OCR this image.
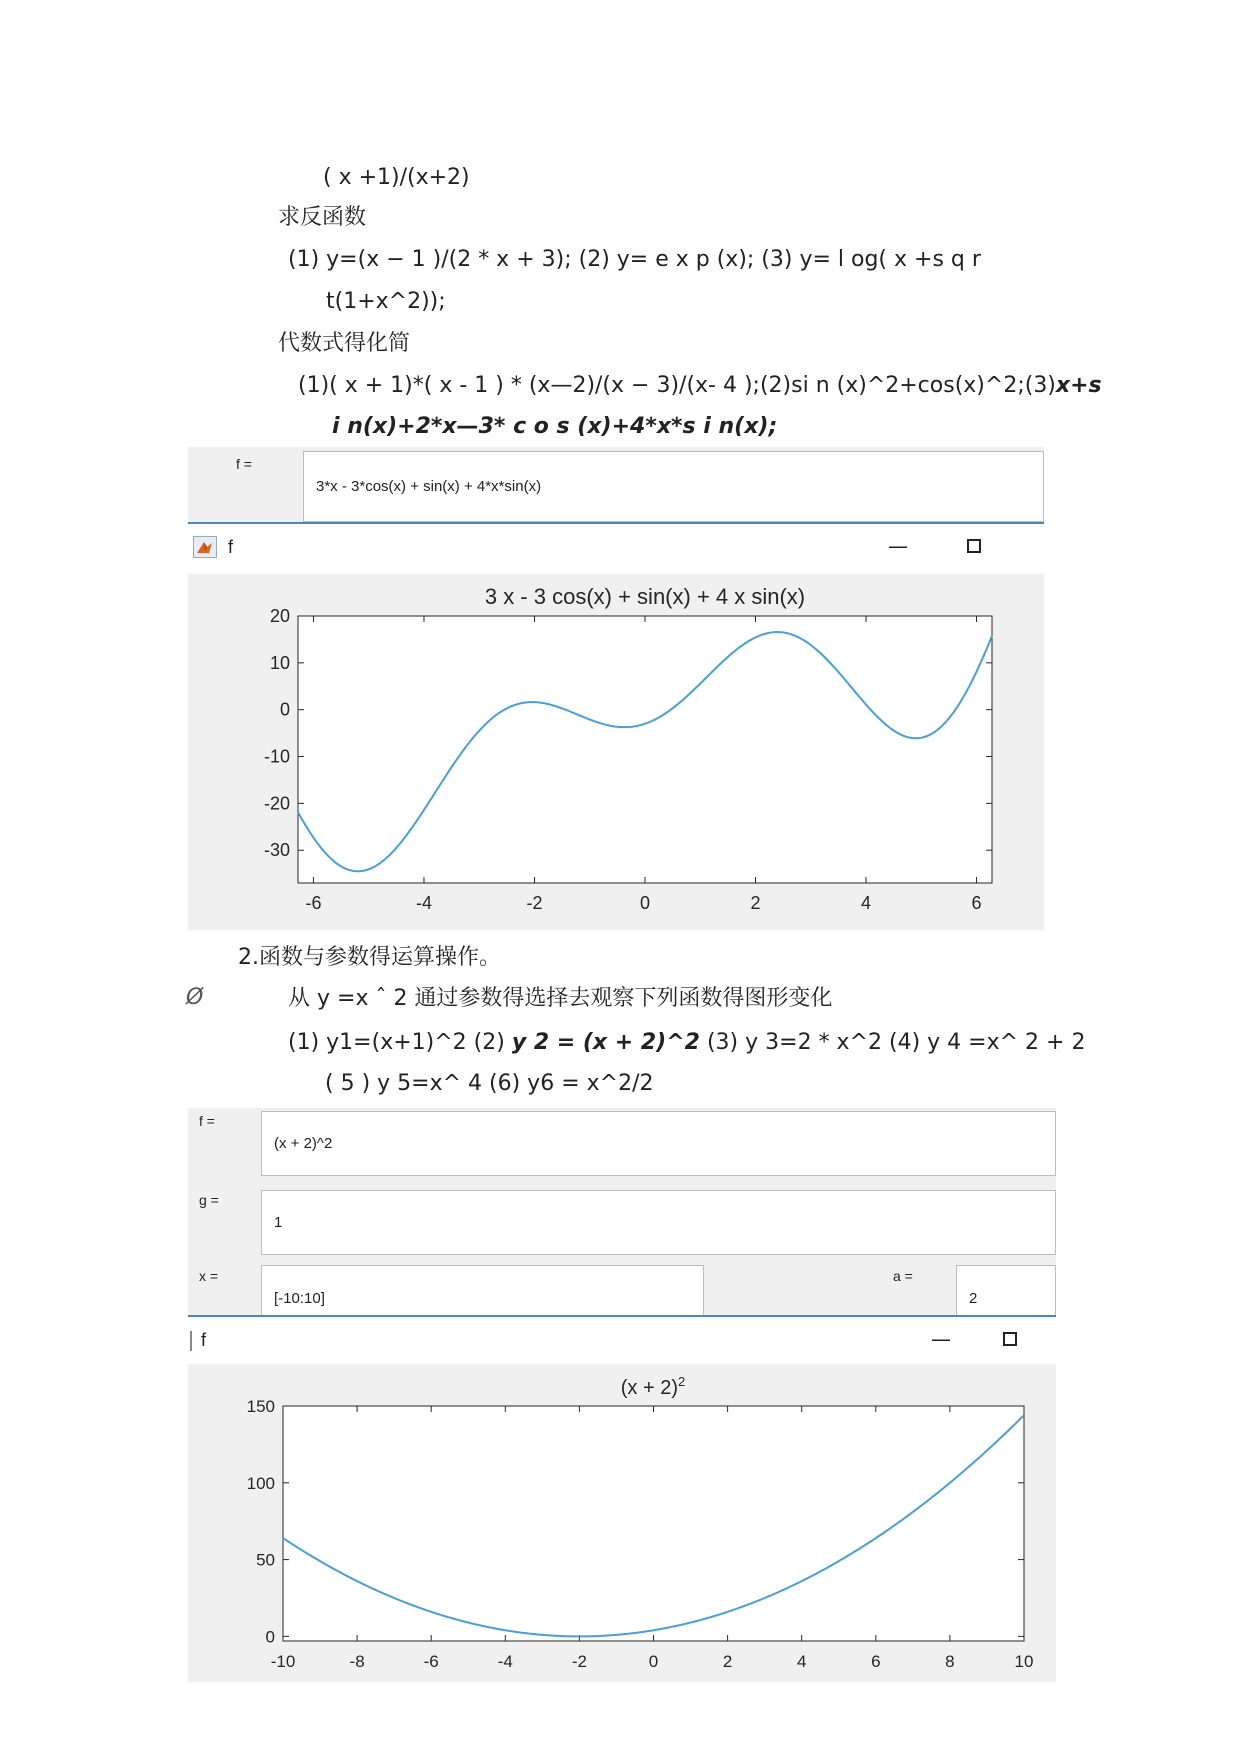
( x +1)/(x+2)
求反函数
(1) y=(x − 1 )/(2 * x + 3); (2) y= e x p (x); (3) y= l og( x +s q r
t(1+x^2));
代数式得化简
(1)( x + 1)*( x - 1 ) * (x—2)/(x − 3)/(x- 4 );(2)si n (x)^2+cos(x)^2;(3)x+s
i n(x)+2*x—3* c o s (x)+4*x*s i n(x);
f =
3*x - 3*cos(x) + sin(x) + 4*x*sin(x)
f	—
-6	-4	-2	0	2	4	6
20
10
0
-10
-20
-30
3 x - 3 cos(x) + sin(x) + 4 x sin(x)
2.函数与参数得运算操作。
Ø	从 y =x ˆ 2 通过参数得选择去观察下列函数得图形变化
(1) y1=(x+1)^2 (2) y 2 = (x + 2)^2 (3) y 3=2 * x^2 (4) y 4 =x^ 2 + 2
( 5 ) y 5=x^ 4 (6) y6 = x^2/2
f =
(x + 2)^2
g =
1
x =
[-10:10]
a =
2
f	—
-10	-8	-6	-4	-2	0	2	4	6	8	10
150
100
50
0
$(x + 2)^2$
